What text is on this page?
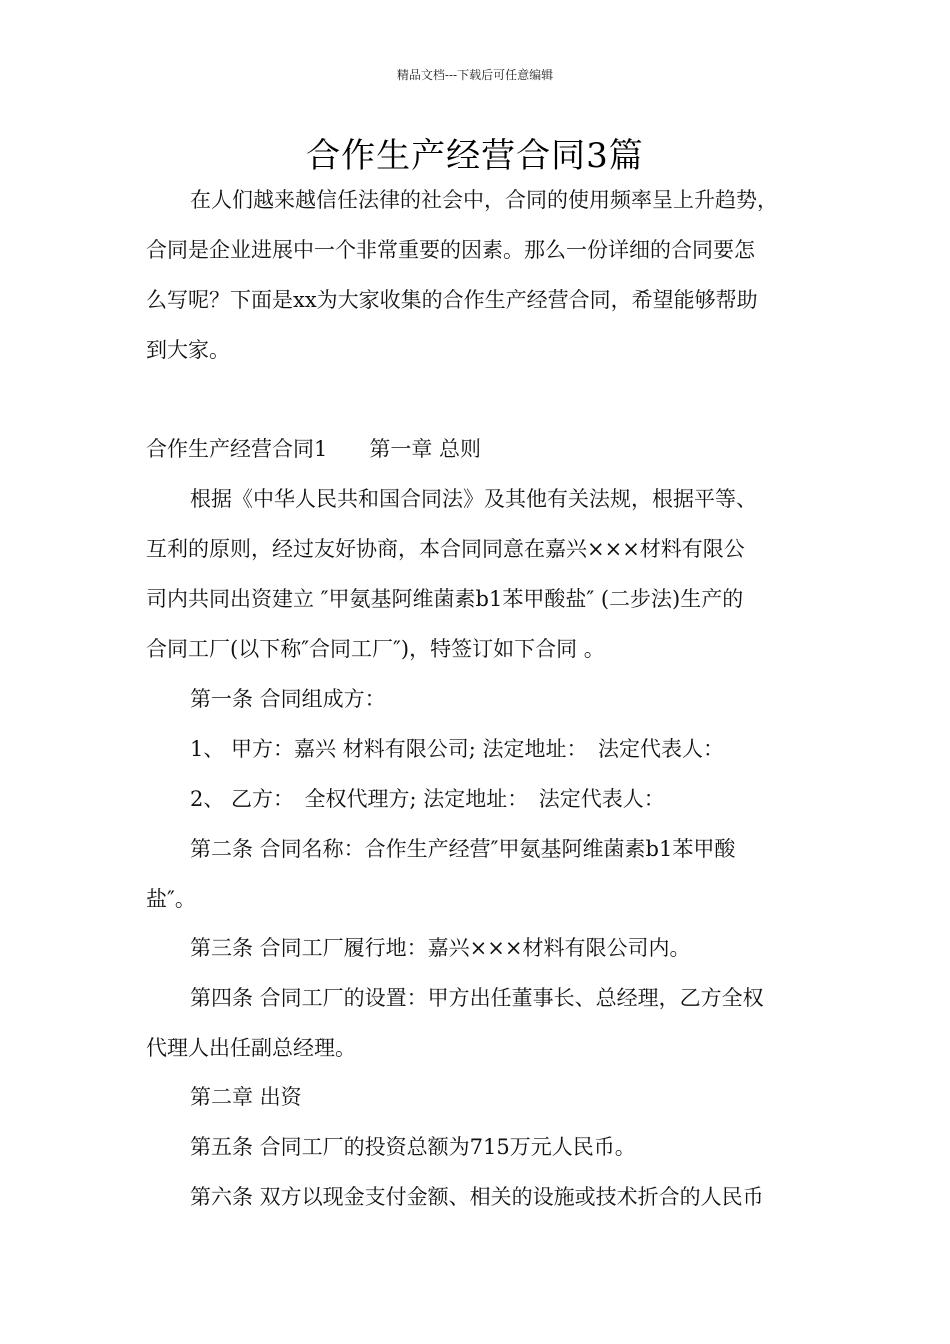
精品文档---下载后可任意编辑
合作生产经营合同3篇
在人们越来越信任法律的社会中，合同的使用频率呈上升趋势，
合同是企业进展中一个非常重要的因素。那么一份详细的合同要怎
么写呢？下面是xx为大家收集的合作生产经营合同，希望能够帮助
到大家。
合作生产经营合同1　　第一章 总则
根据《中华人民共和国合同法》及其他有关法规，根据平等、
互利的原则，经过友好协商，本合同同意在嘉兴×××材料有限公
司内共同出资建立 ″甲氨基阿维菌素b1苯甲酸盐″ (二步法)生产的
合同工厂(以下称″合同工厂″)，特签订如下合同 。
第一条 合同组成方：
1、 甲方：嘉兴 材料有限公司; 法定地址：　法定代表人：
2、 乙方：　全权代理方; 法定地址：　法定代表人：
第二条 合同名称：合作生产经营″甲氨基阿维菌素b1苯甲酸
盐″。
第三条 合同工厂履行地：嘉兴×××材料有限公司内。
第四条 合同工厂的设置：甲方出任董事长、总经理，乙方全权
代理人出任副总经理。
第二章 出资
第五条 合同工厂的投资总额为715万元人民币。
第六条 双方以现金支付金额、相关的设施或技术折合的人民币
